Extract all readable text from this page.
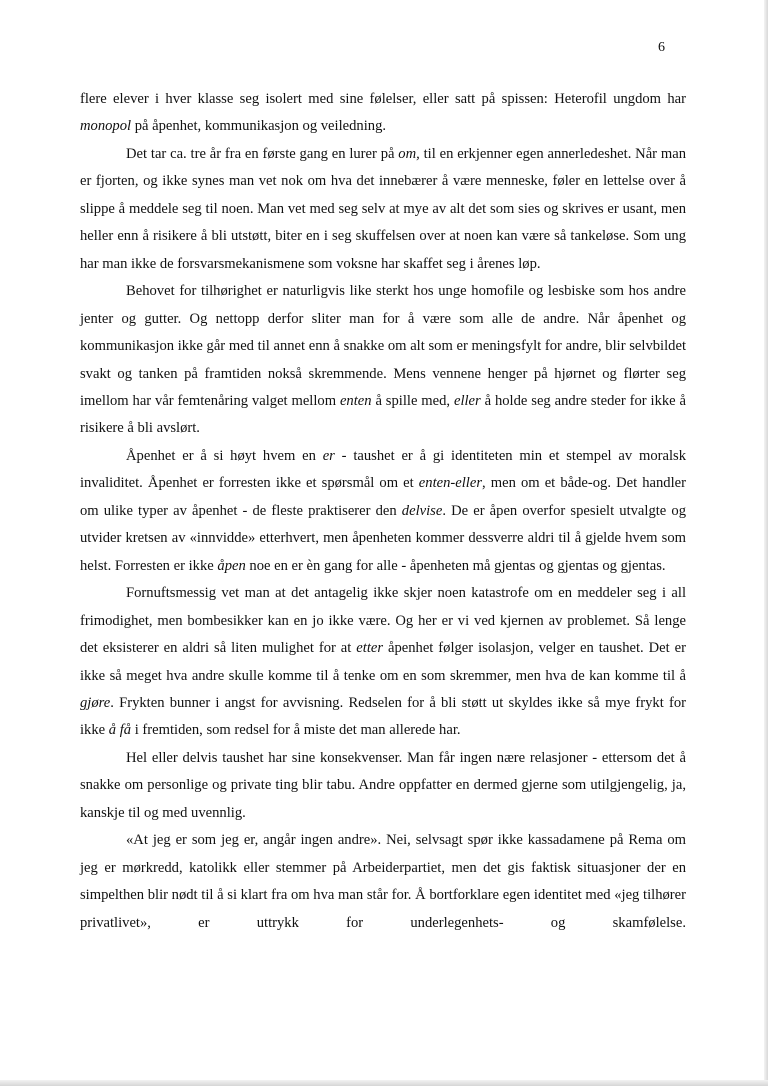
6

flere elever i hver klasse seg isolert med sine følelser, eller satt på spissen: Heterofil ungdom har monopol på åpenhet, kommunikasjon og veiledning.

Det tar ca. tre år fra en første gang en lurer på om, til en erkjenner egen annerledeshet. Når man er fjorten, og ikke synes man vet nok om hva det innebærer å være menneske, føler en lettelse over å slippe å meddele seg til noen. Man vet med seg selv at mye av alt det som sies og skrives er usant, men heller enn å risikere å bli utstøtt, biter en i seg skuffelsen over at noen kan være så tankeløse. Som ung har man ikke de forsvarsmekanismene som voksne har skaffet seg i årenes løp.

Behovet for tilhørighet er naturligvis like sterkt hos unge homofile og lesbiske som hos andre jenter og gutter. Og nettopp derfor sliter man for å være som alle de andre. Når åpenhet og kommunikasjon ikke går med til annet enn å snakke om alt som er meningsfylt for andre, blir selvbildet svakt og tanken på framtiden nokså skremmende. Mens vennene henger på hjørnet og flørter seg imellom har vår femtenåring valget mellom enten å spille med, eller å holde seg andre steder for ikke å risikere å bli avslørt.

Åpenhet er å si høyt hvem en er - taushet er å gi identiteten min et stempel av moralsk invaliditet. Åpenhet er forresten ikke et spørsmål om et enten-eller, men om et både-og. Det handler om ulike typer av åpenhet - de fleste praktiserer den delvise. De er åpen overfor spesielt utvalgte og utvider kretsen av «innvidde» etterhvert, men åpenheten kommer dessverre aldri til å gjelde hvem som helst. Forresten er ikke åpen noe en er èn gang for alle - åpenheten må gjentas og gjentas og gjentas.

Fornuftsmessig vet man at det antagelig ikke skjer noen katastrofe om en meddeler seg i all frimodighet, men bombesikker kan en jo ikke være. Og her er vi ved kjernen av problemet. Så lenge det eksisterer en aldri så liten mulighet for at etter åpenhet følger isolasjon, velger en taushet. Det er ikke så meget hva andre skulle komme til å tenke om en som skremmer, men hva de kan komme til å gjøre. Frykten bunner i angst for avvisning. Redselen for å bli støtt ut skyldes ikke så mye frykt for ikke å få i fremtiden, som redsel for å miste det man allerede har.

Hel eller delvis taushet har sine konsekvenser. Man får ingen nære relasjoner - ettersom det å snakke om personlige og private ting blir tabu. Andre oppfatter en dermed gjerne som utilgjengelig, ja, kanskje til og med uvennlig.

«At jeg er som jeg er, angår ingen andre». Nei, selvsagt spør ikke kassadamene på Rema om jeg er mørkredd, katolikk eller stemmer på Arbeiderpartiet, men det gis faktisk situasjoner der en simpelthen blir nødt til å si klart fra om hva man står for. Å bortforklare egen identitet med «jeg tilhører privatlivet», er uttrykk for underlegenhets- og skamfølelse.
